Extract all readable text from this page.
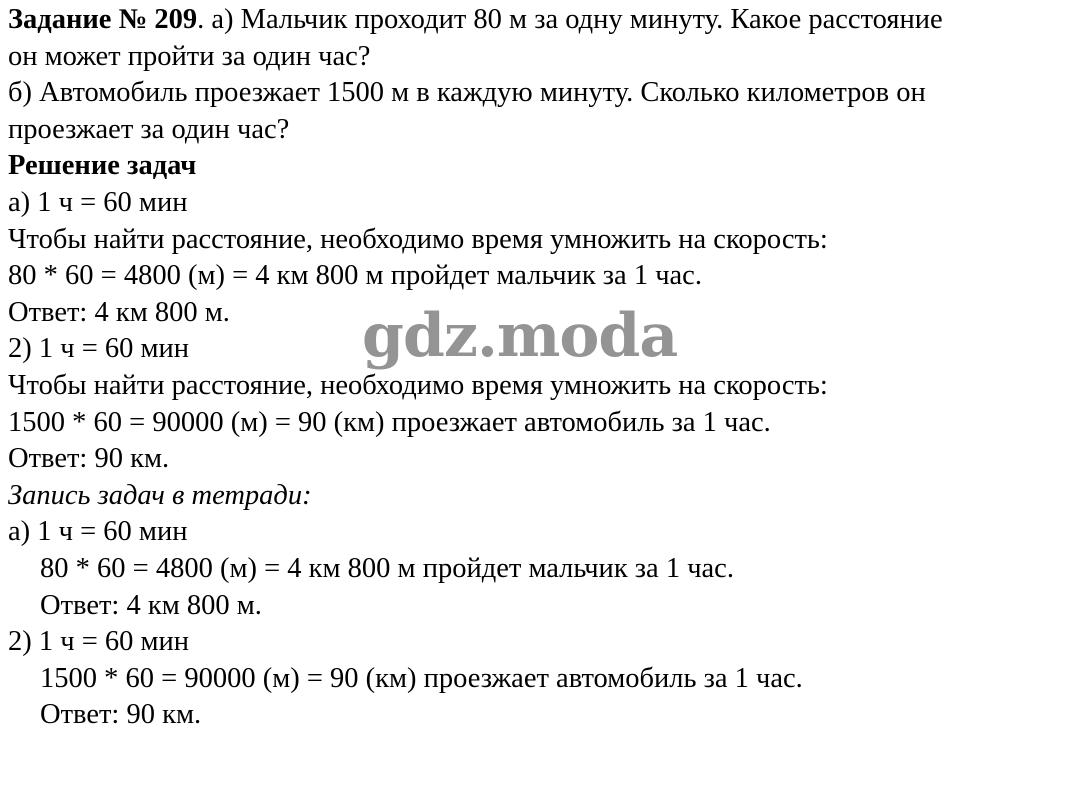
Задание № 209. а) Мальчик проходит 80 м за одну минуту. Какое расстояние
он может пройти за один час?
б) Автомобиль проезжает 1500 м в каждую минуту. Сколько километров он
проезжает за один час?
Решение задач
а) 1 ч = 60 мин
Чтобы найти расстояние, необходимо время умножить на скорость:
80 * 60 = 4800 (м) = 4 км 800 м пройдет мальчик за 1 час.
Ответ: 4 км 800 м.
2) 1 ч = 60 мин
Чтобы найти расстояние, необходимо время умножить на скорость:
1500 * 60 = 90000 (м) = 90 (км) проезжает автомобиль за 1 час.
Ответ: 90 км.
Запись задач в тетради:
а) 1 ч = 60 мин
80 * 60 = 4800 (м) = 4 км 800 м пройдет мальчик за 1 час.
Ответ: 4 км 800 м.
2) 1 ч = 60 мин
1500 * 60 = 90000 (м) = 90 (км) проезжает автомобиль за 1 час.
Ответ: 90 км.
gdz.moda
